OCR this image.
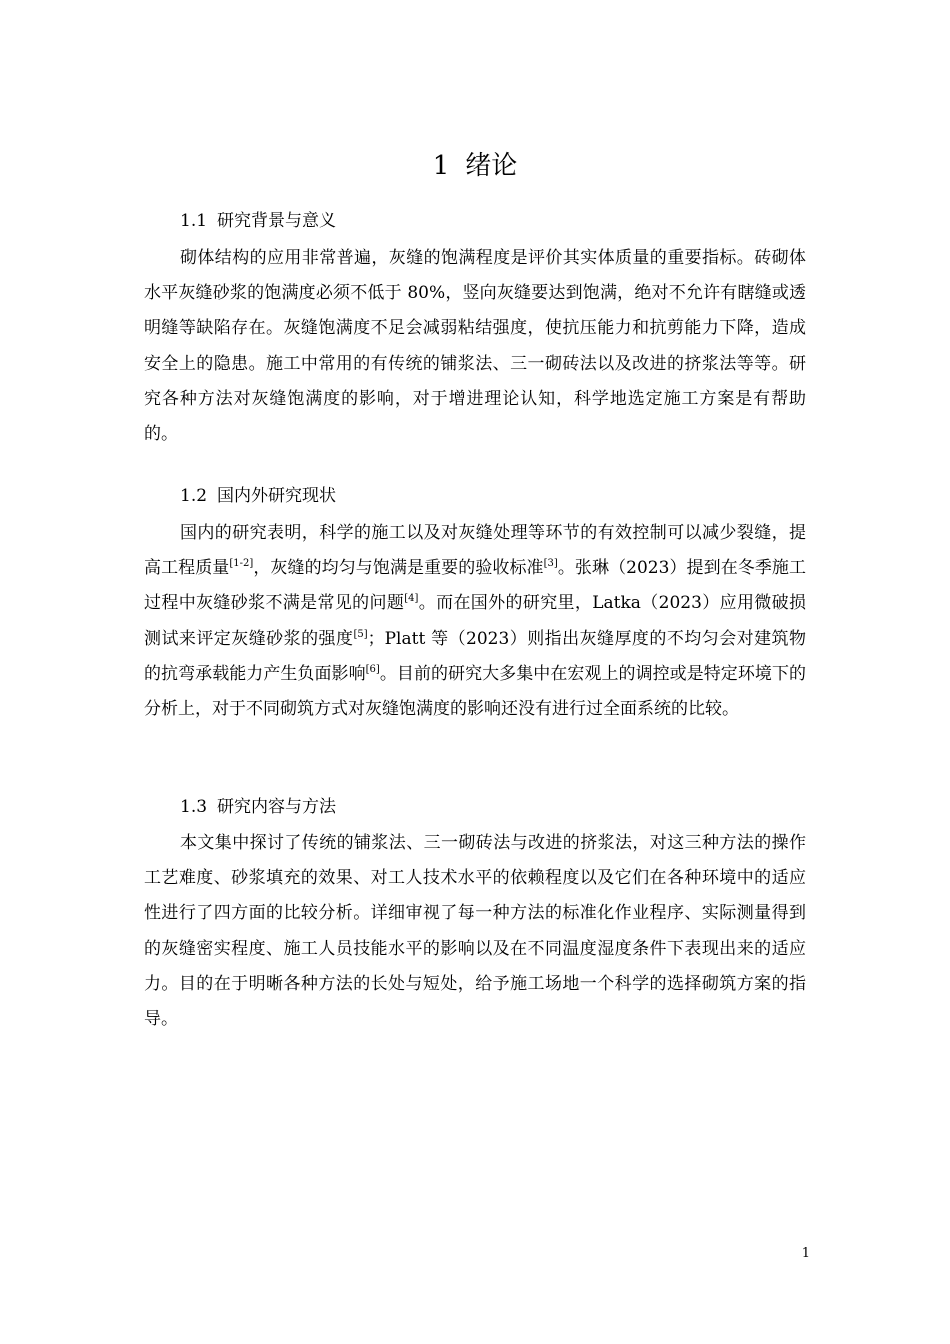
1 绪论
1.1 研究背景与意义

砌体结构的应用非常普遍，灰缝的饱满程度是评价其实体质量的重要指标。砖砌体水平灰缝砂浆的饱满度必须不低于 80%，竖向灰缝要达到饱满，绝对不允许有瞎缝或透明缝等缺陷存在。灰缝饱满度不足会减弱粘结强度，使抗压能力和抗剪能力下降，造成安全上的隐患。施工中常用的有传统的铺浆法、三一砌砖法以及改进的挤浆法等等。研究各种方法对灰缝饱满度的影响，对于增进理论认知，科学地选定施工方案是有帮助的。

1.2 国内外研究现状

国内的研究表明，科学的施工以及对灰缝处理等环节的有效控制可以减少裂缝，提高工程质量[1-2]，灰缝的均匀与饱满是重要的验收标准[3]。张琳（2023）提到在冬季施工过程中灰缝砂浆不满是常见的问题[4]。而在国外的研究里，Latka（2023）应用微破损测试来评定灰缝砂浆的强度[5]；Platt 等（2023）则指出灰缝厚度的不均匀会对建筑物的抗弯承载能力产生负面影响[6]。目前的研究大多集中在宏观上的调控或是特定环境下的分析上，对于不同砌筑方式对灰缝饱满度的影响还没有进行过全面系统的比较。

1.3 研究内容与方法

本文集中探讨了传统的铺浆法、三一砌砖法与改进的挤浆法，对这三种方法的操作工艺难度、砂浆填充的效果、对工人技术水平的依赖程度以及它们在各种环境中的适应性进行了四方面的比较分析。详细审视了每一种方法的标准化作业程序、实际测量得到的灰缝密实程度、施工人员技能水平的影响以及在不同温度湿度条件下表现出来的适应力。目的在于明晰各种方法的长处与短处，给予施工场地一个科学的选择砌筑方案的指导。

1
